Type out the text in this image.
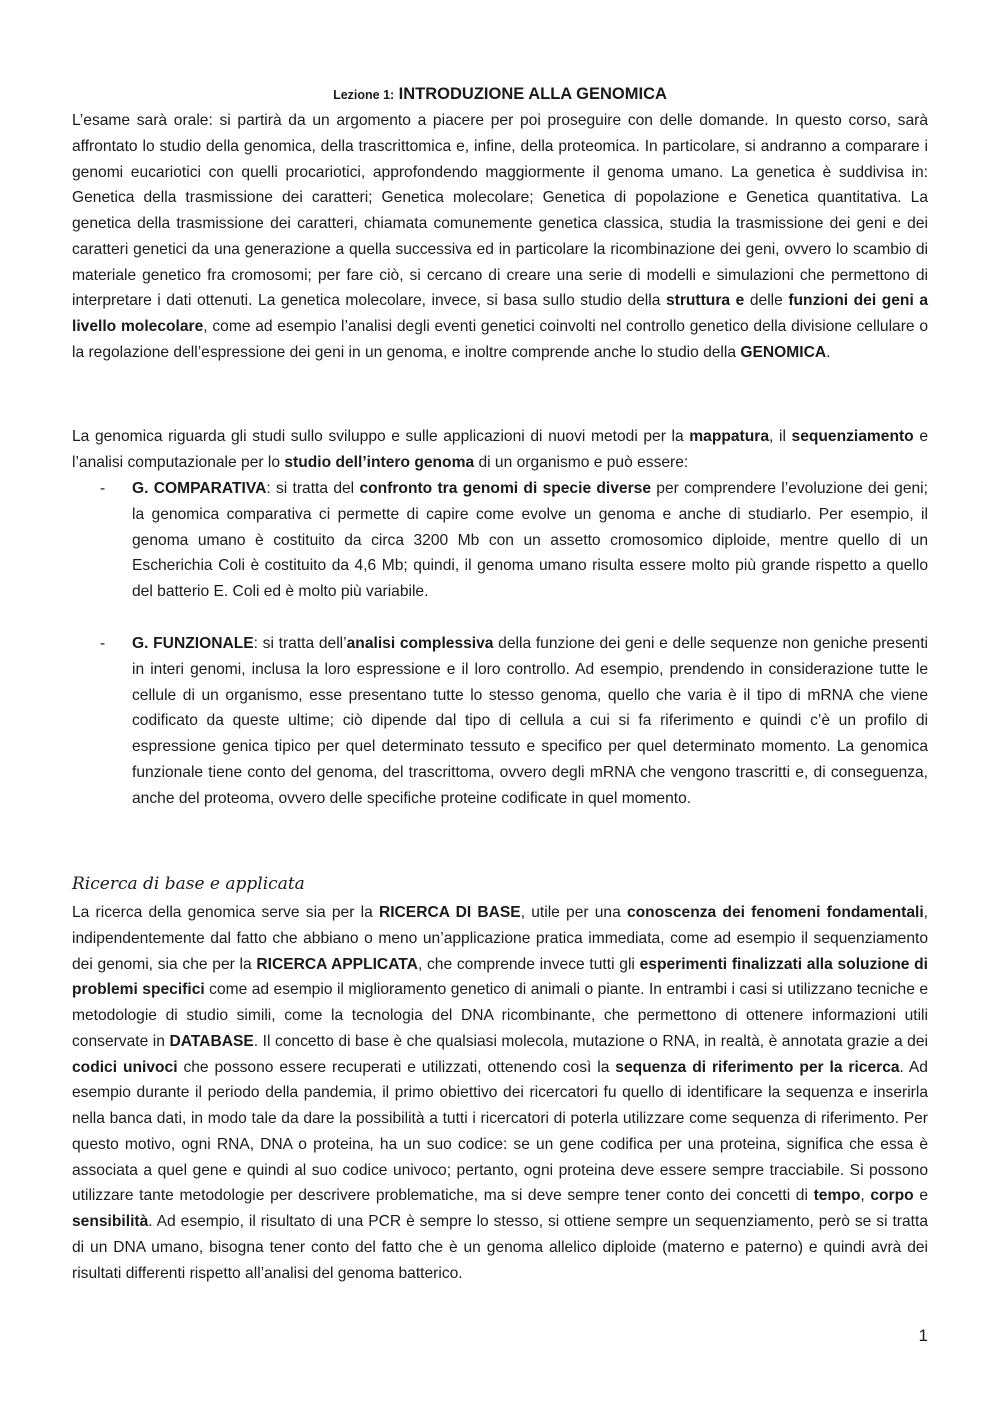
Lezione 1: INTRODUZIONE ALLA GENOMICA

L’esame sarà orale: si partirà da un argomento a piacere per poi proseguire con delle domande. In questo corso, sarà affrontato lo studio della genomica, della trascrittomica e, infine, della proteomica. In particolare, si andranno a comparare i genomi eucariotici con quelli procariotici, approfondendo maggiormente il genoma umano. La genetica è suddivisa in: Genetica della trasmissione dei caratteri; Genetica molecolare; Genetica di popolazione e Genetica quantitativa. La genetica della trasmissione dei caratteri, chiamata comunemente genetica classica, studia la trasmissione dei geni e dei caratteri genetici da una generazione a quella successiva ed in particolare la ricombinazione dei geni, ovvero lo scambio di materiale genetico fra cromosomi; per fare ciò, si cercano di creare una serie di modelli e simulazioni che permettono di interpretare i dati ottenuti. La genetica molecolare, invece, si basa sullo studio della struttura e delle funzioni dei geni a livello molecolare, come ad esempio l’analisi degli eventi genetici coinvolti nel controllo genetico della divisione cellulare o la regolazione dell’espressione dei geni in un genoma, e inoltre comprende anche lo studio della GENOMICA.

La genomica riguarda gli studi sullo sviluppo e sulle applicazioni di nuovi metodi per la mappatura, il sequenziamento e l’analisi computazionale per lo studio dell’intero genoma di un organismo e può essere:

- G. COMPARATIVA: si tratta del confronto tra genomi di specie diverse per comprendere l’evoluzione dei geni; la genomica comparativa ci permette di capire come evolve un genoma e anche di studiarlo. Per esempio, il genoma umano è costituito da circa 3200 Mb con un assetto cromosomico diploide, mentre quello di un Escherichia Coli è costituito da 4,6 Mb; quindi, il genoma umano risulta essere molto più grande rispetto a quello del batterio E. Coli ed è molto più variabile.

- G. FUNZIONALE: si tratta dell’analisi complessiva della funzione dei geni e delle sequenze non geniche presenti in interi genomi, inclusa la loro espressione e il loro controllo. Ad esempio, prendendo in considerazione tutte le cellule di un organismo, esse presentano tutte lo stesso genoma, quello che varia è il tipo di mRNA che viene codificato da queste ultime; ciò dipende dal tipo di cellula a cui si fa riferimento e quindi c’è un profilo di espressione genica tipico per quel determinato tessuto e specifico per quel determinato momento. La genomica funzionale tiene conto del genoma, del trascrittoma, ovvero degli mRNA che vengono trascritti e, di conseguenza, anche del proteoma, ovvero delle specifiche proteine codificate in quel momento.

Ricerca di base e applicata

La ricerca della genomica serve sia per la RICERCA DI BASE, utile per una conoscenza dei fenomeni fondamentali, indipendentemente dal fatto che abbiano o meno un’applicazione pratica immediata, come ad esempio il sequenziamento dei genomi, sia che per la RICERCA APPLICATA, che comprende invece tutti gli esperimenti finalizzati alla soluzione di problemi specifici come ad esempio il miglioramento genetico di animali o piante. In entrambi i casi si utilizzano tecniche e metodologie di studio simili, come la tecnologia del DNA ricombinante, che permettono di ottenere informazioni utili conservate in DATABASE. Il concetto di base è che qualsiasi molecola, mutazione o RNA, in realtà, è annotata grazie a dei codici univoci che possono essere recuperati e utilizzati, ottenendo così la sequenza di riferimento per la ricerca. Ad esempio durante il periodo della pandemia, il primo obiettivo dei ricercatori fu quello di identificare la sequenza e inserirla nella banca dati, in modo tale da dare la possibilità a tutti i ricercatori di poterla utilizzare come sequenza di riferimento. Per questo motivo, ogni RNA, DNA o proteina, ha un suo codice: se un gene codifica per una proteina, significa che essa è associata a quel gene e quindi al suo codice univoco; pertanto, ogni proteina deve essere sempre tracciabile. Si possono utilizzare tante metodologie per descrivere problematiche, ma si deve sempre tener conto dei concetti di tempo, corpo e sensibilità. Ad esempio, il risultato di una PCR è sempre lo stesso, si ottiene sempre un sequenziamento, però se si tratta di un DNA umano, bisogna tener conto del fatto che è un genoma allelico diploide (materno e paterno) e quindi avrà dei risultati differenti rispetto all’analisi del genoma batterico.

1
